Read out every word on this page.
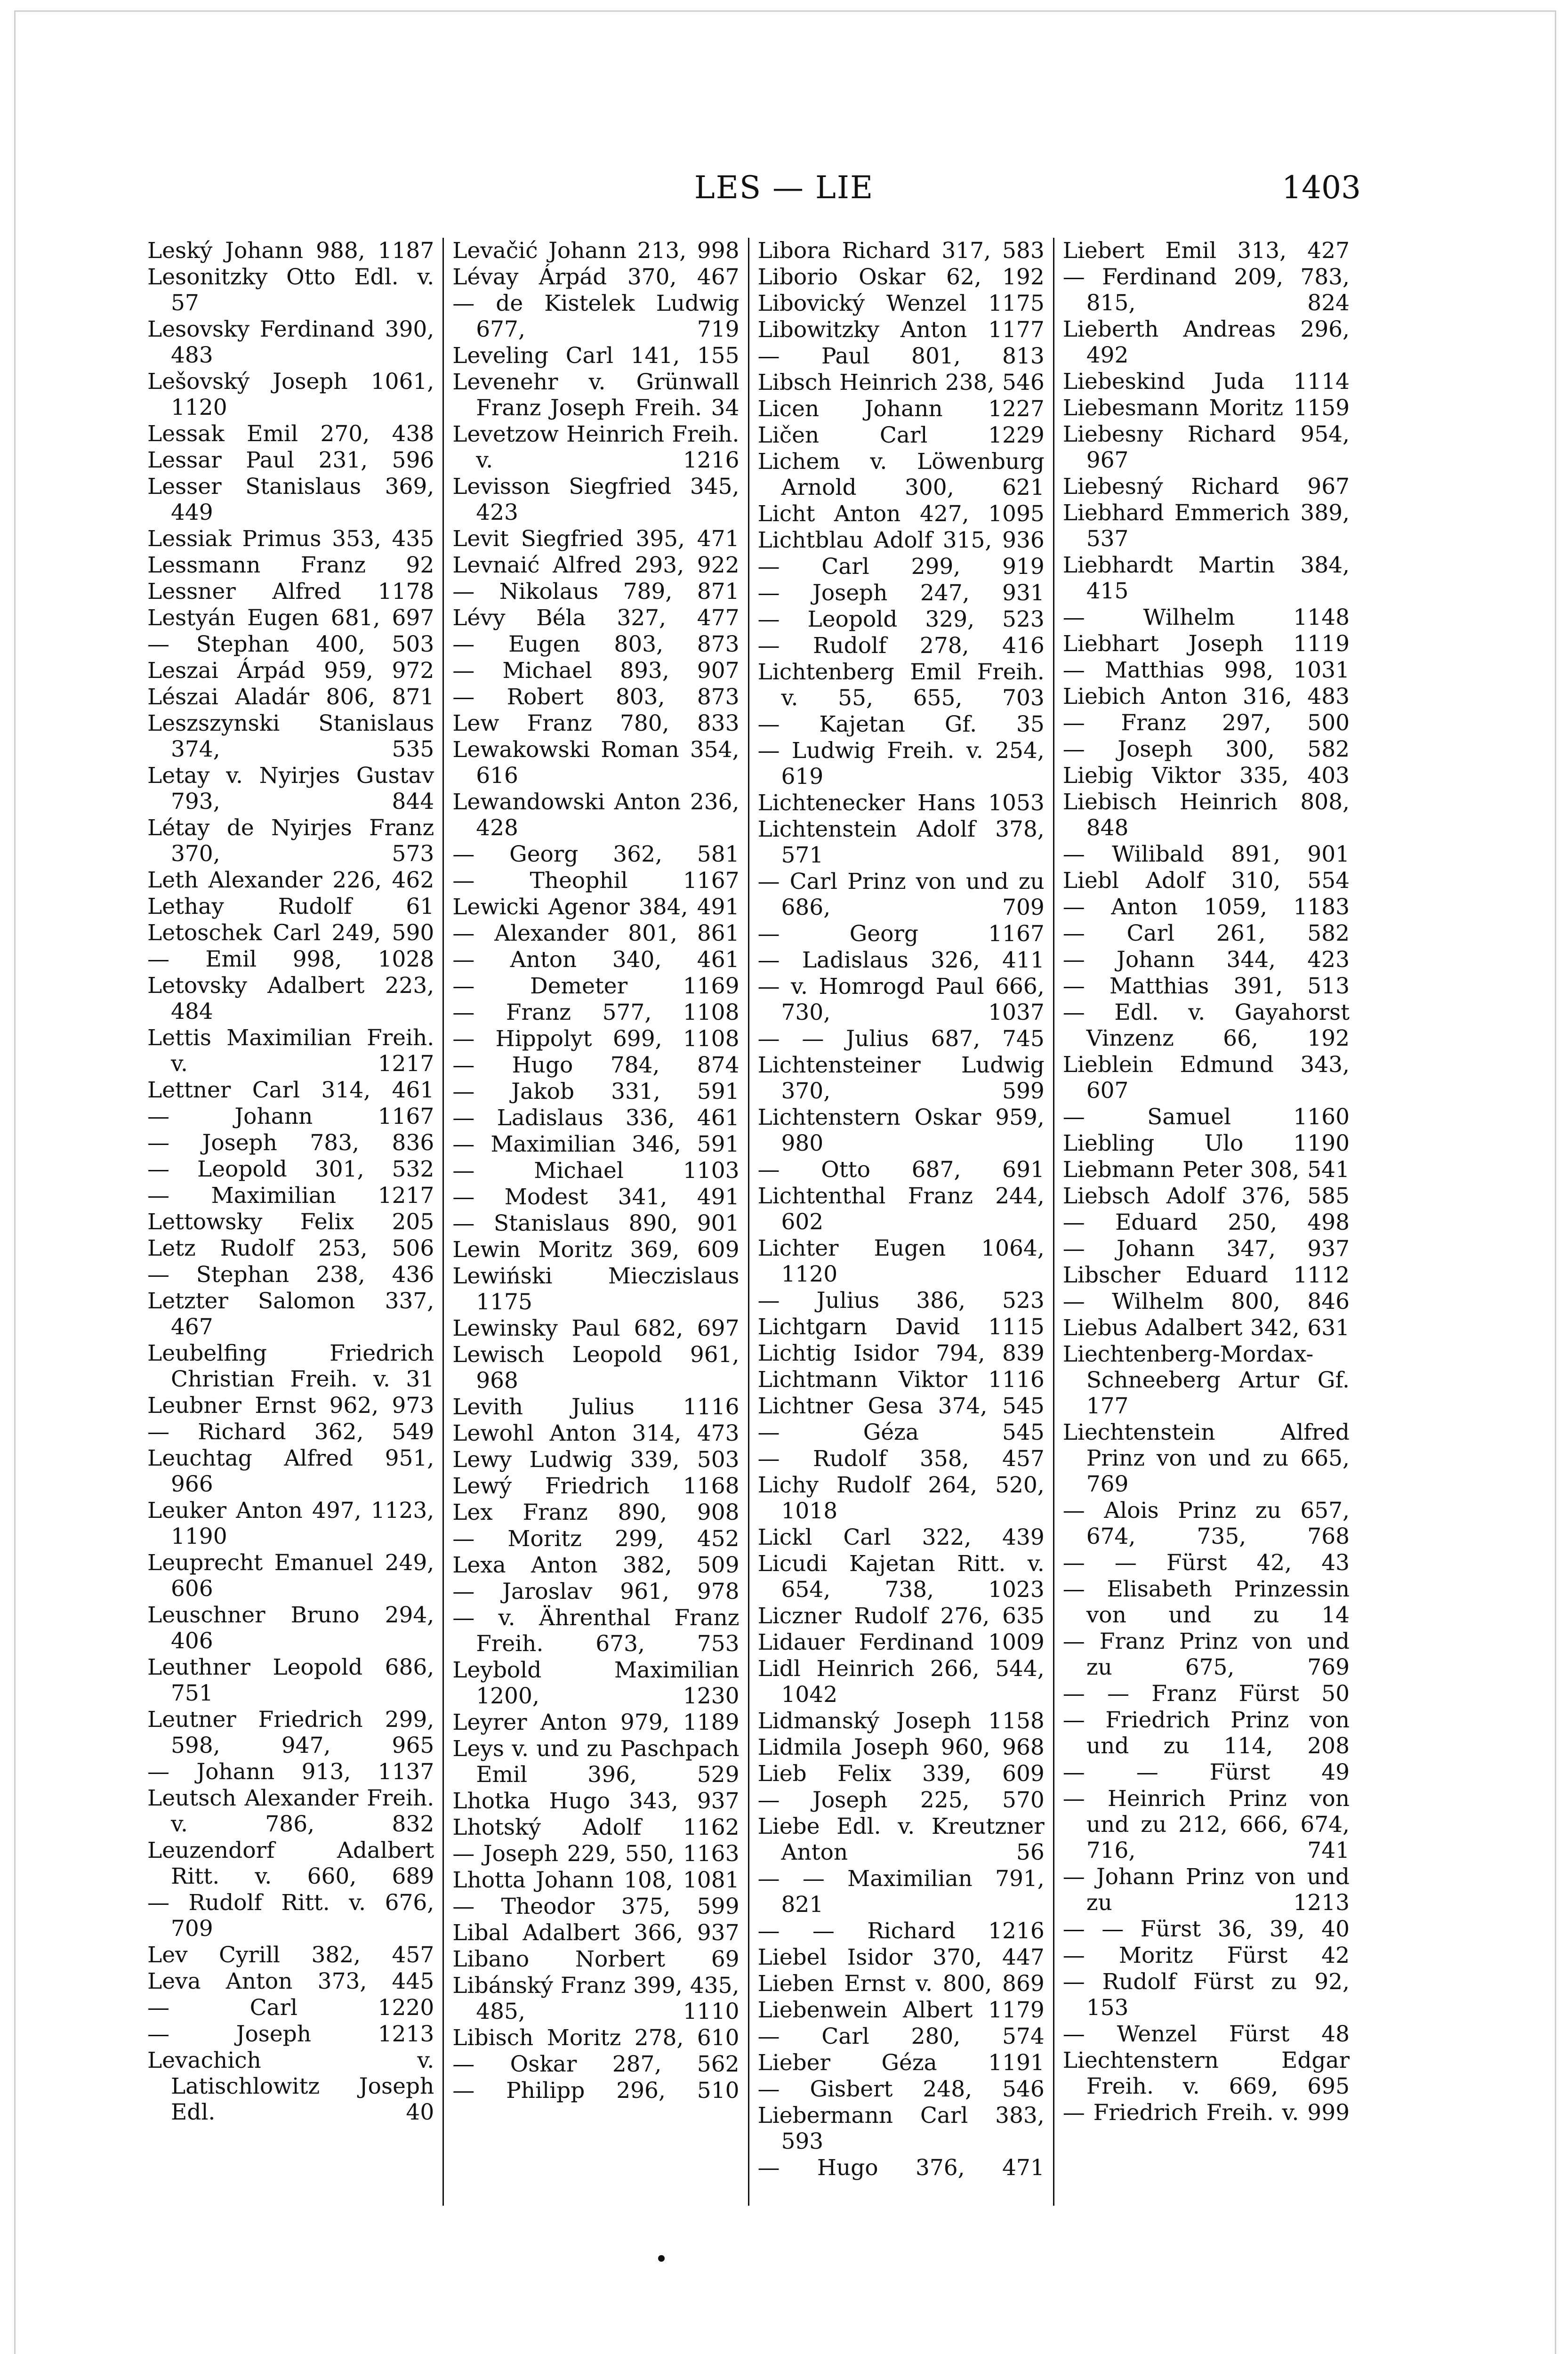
LES — LIE	1403
Leský Johann 988, 1187
Lesonitzky Otto Edl. v. 57
Lesovsky Ferdinand 390, 483
Lešovský Joseph 1061, 1120
Lessak Emil 270, 438
Lessar Paul 231, 596
Lesser Stanislaus 369, 449
Lessiak Primus 353, 435
Lessmann Franz 92
Lessner Alfred 1178
Lestyán Eugen 681, 697
— Stephan 400, 503
Leszai Árpád 959, 972
Lészai Aladár 806, 871
Leszszynski Stanislaus 374, 535
Letay v. Nyirjes Gustav 793, 844
Létay de Nyirjes Franz 370, 573
Leth Alexander 226, 462
Lethay Rudolf 61
Letoschek Carl 249, 590
— Emil 998, 1028
Letovsky Adalbert 223, 484
Lettis Maximilian Freih. v. 1217
Lettner Carl 314, 461
— Johann 1167
— Joseph 783, 836
— Leopold 301, 532
— Maximilian 1217
Lettowsky Felix 205
Letz Rudolf 253, 506
— Stephan 238, 436
Letzter Salomon 337, 467
Leubelfing Friedrich Christian Freih. v. 31
Leubner Ernst 962, 973
— Richard 362, 549
Leuchtag Alfred 951, 966
Leuker Anton 497, 1123, 1190
Leuprecht Emanuel 249, 606
Leuschner Bruno 294, 406
Leuthner Leopold 686, 751
Leutner Friedrich 299, 598, 947, 965
— Johann 913, 1137
Leutsch Alexander Freih. v. 786, 832
Leuzendorf Adalbert Ritt. v. 660, 689
— Rudolf Ritt. v. 676, 709
Lev Cyrill 382, 457
Leva Anton 373, 445
— Carl 1220
— Joseph 1213
Levachich v. Latischlowitz Joseph Edl. 40
Levačić Johann 213, 998
Lévay Árpád 370, 467
— de Kistelek Ludwig 677, 719
Leveling Carl 141, 155
Levenehr v. Grünwall Franz Joseph Freih. 34
Levetzow Heinrich Freih. v. 1216
Levisson Siegfried 345, 423
Levit Siegfried 395, 471
Levnaić Alfred 293, 922
— Nikolaus 789, 871
Lévy Béla 327, 477
— Eugen 803, 873
— Michael 893, 907
— Robert 803, 873
Lew Franz 780, 833
Lewakowski Roman 354, 616
Lewandowski Anton 236, 428
— Georg 362, 581
— Theophil 1167
Lewicki Agenor 384, 491
— Alexander 801, 861
— Anton 340, 461
— Demeter 1169
— Franz 577, 1108
— Hippolyt 699, 1108
— Hugo 784, 874
— Jakob 331, 591
— Ladislaus 336, 461
— Maximilian 346, 591
— Michael 1103
— Modest 341, 491
— Stanislaus 890, 901
Lewin Moritz 369, 609
Lewiński Mieczislaus 1175
Lewinsky Paul 682, 697
Lewisch Leopold 961, 968
Levith Julius 1116
Lewohl Anton 314, 473
Lewy Ludwig 339, 503
Lewý Friedrich 1168
Lex Franz 890, 908
— Moritz 299, 452
Lexa Anton 382, 509
— Jaroslav 961, 978
— v. Ährenthal Franz Freih. 673, 753
Leybold Maximilian 1200, 1230
Leyrer Anton 979, 1189
Leys v. und zu Paschpach Emil 396, 529
Lhotka Hugo 343, 937
Lhotský Adolf 1162
— Joseph 229, 550, 1163
Lhotta Johann 108, 1081
— Theodor 375, 599
Libal Adalbert 366, 937
Libano Norbert 69
Libánský Franz 399, 435, 485, 1110
Libisch Moritz 278, 610
— Oskar 287, 562
— Philipp 296, 510
Libora Richard 317, 583
Liborio Oskar 62, 192
Libovický Wenzel 1175
Libowitzky Anton 1177
— Paul 801, 813
Libsch Heinrich 238, 546
Licen Johann 1227
Ličen Carl 1229
Lichem v. Löwenburg Arnold 300, 621
Licht Anton 427, 1095
Lichtblau Adolf 315, 936
— Carl 299, 919
— Joseph 247, 931
— Leopold 329, 523
— Rudolf 278, 416
Lichtenberg Emil Freih. v. 55, 655, 703
— Kajetan Gf. 35
— Ludwig Freih. v. 254, 619
Lichtenecker Hans 1053
Lichtenstein Adolf 378, 571
— Carl Prinz von und zu 686, 709
— Georg 1167
— Ladislaus 326, 411
— v. Homrogd Paul 666, 730, 1037
— — Julius 687, 745
Lichtensteiner Ludwig 370, 599
Lichtenstern Oskar 959, 980
— Otto 687, 691
Lichtenthal Franz 244, 602
Lichter Eugen 1064, 1120
— Julius 386, 523
Lichtgarn David 1115
Lichtig Isidor 794, 839
Lichtmann Viktor 1116
Lichtner Gesa 374, 545
— Géza 545
— Rudolf 358, 457
Lichy Rudolf 264, 520, 1018
Lickl Carl 322, 439
Licudi Kajetan Ritt. v. 654, 738, 1023
Liczner Rudolf 276, 635
Lidauer Ferdinand 1009
Lidl Heinrich 266, 544, 1042
Lidmanský Joseph 1158
Lidmila Joseph 960, 968
Lieb Felix 339, 609
— Joseph 225, 570
Liebe Edl. v. Kreutzner Anton 56
— — Maximilian 791, 821
— — Richard 1216
Liebel Isidor 370, 447
Lieben Ernst v. 800, 869
Liebenwein Albert 1179
— Carl 280, 574
Lieber Géza 1191
— Gisbert 248, 546
Liebermann Carl 383, 593
— Hugo 376, 471
Liebert Emil 313, 427
— Ferdinand 209, 783, 815, 824
Lieberth Andreas 296, 492
Liebeskind Juda 1114
Liebesmann Moritz 1159
Liebesny Richard 954, 967
Liebesný Richard 967
Liebhard Emmerich 389, 537
Liebhardt Martin 384, 415
— Wilhelm 1148
Liebhart Joseph 1119
— Matthias 998, 1031
Liebich Anton 316, 483
— Franz 297, 500
— Joseph 300, 582
Liebig Viktor 335, 403
Liebisch Heinrich 808, 848
— Wilibald 891, 901
Liebl Adolf 310, 554
— Anton 1059, 1183
— Carl 261, 582
— Johann 344, 423
— Matthias 391, 513
— Edl. v. Gayahorst Vinzenz 66, 192
Lieblein Edmund 343, 607
— Samuel 1160
Liebling Ulo 1190
Liebmann Peter 308, 541
Liebsch Adolf 376, 585
— Eduard 250, 498
— Johann 347, 937
Libscher Eduard 1112
— Wilhelm 800, 846
Liebus Adalbert 342, 631
Liechtenberg-Mordax-Schneeberg Artur Gf. 177
Liechtenstein Alfred Prinz von und zu 665, 769
— Alois Prinz zu 657, 674, 735, 768
— — Fürst 42, 43
— Elisabeth Prinzessin von und zu 14
— Franz Prinz von und zu 675, 769
— — Franz Fürst 50
— Friedrich Prinz von und zu 114, 208
— — Fürst 49
— Heinrich Prinz von und zu 212, 666, 674, 716, 741
— Johann Prinz von und zu 1213
— — Fürst 36, 39, 40
— Moritz Fürst 42
— Rudolf Fürst zu 92, 153
— Wenzel Fürst 48
Liechtenstern Edgar Freih. v. 669, 695
— Friedrich Freih. v. 999
